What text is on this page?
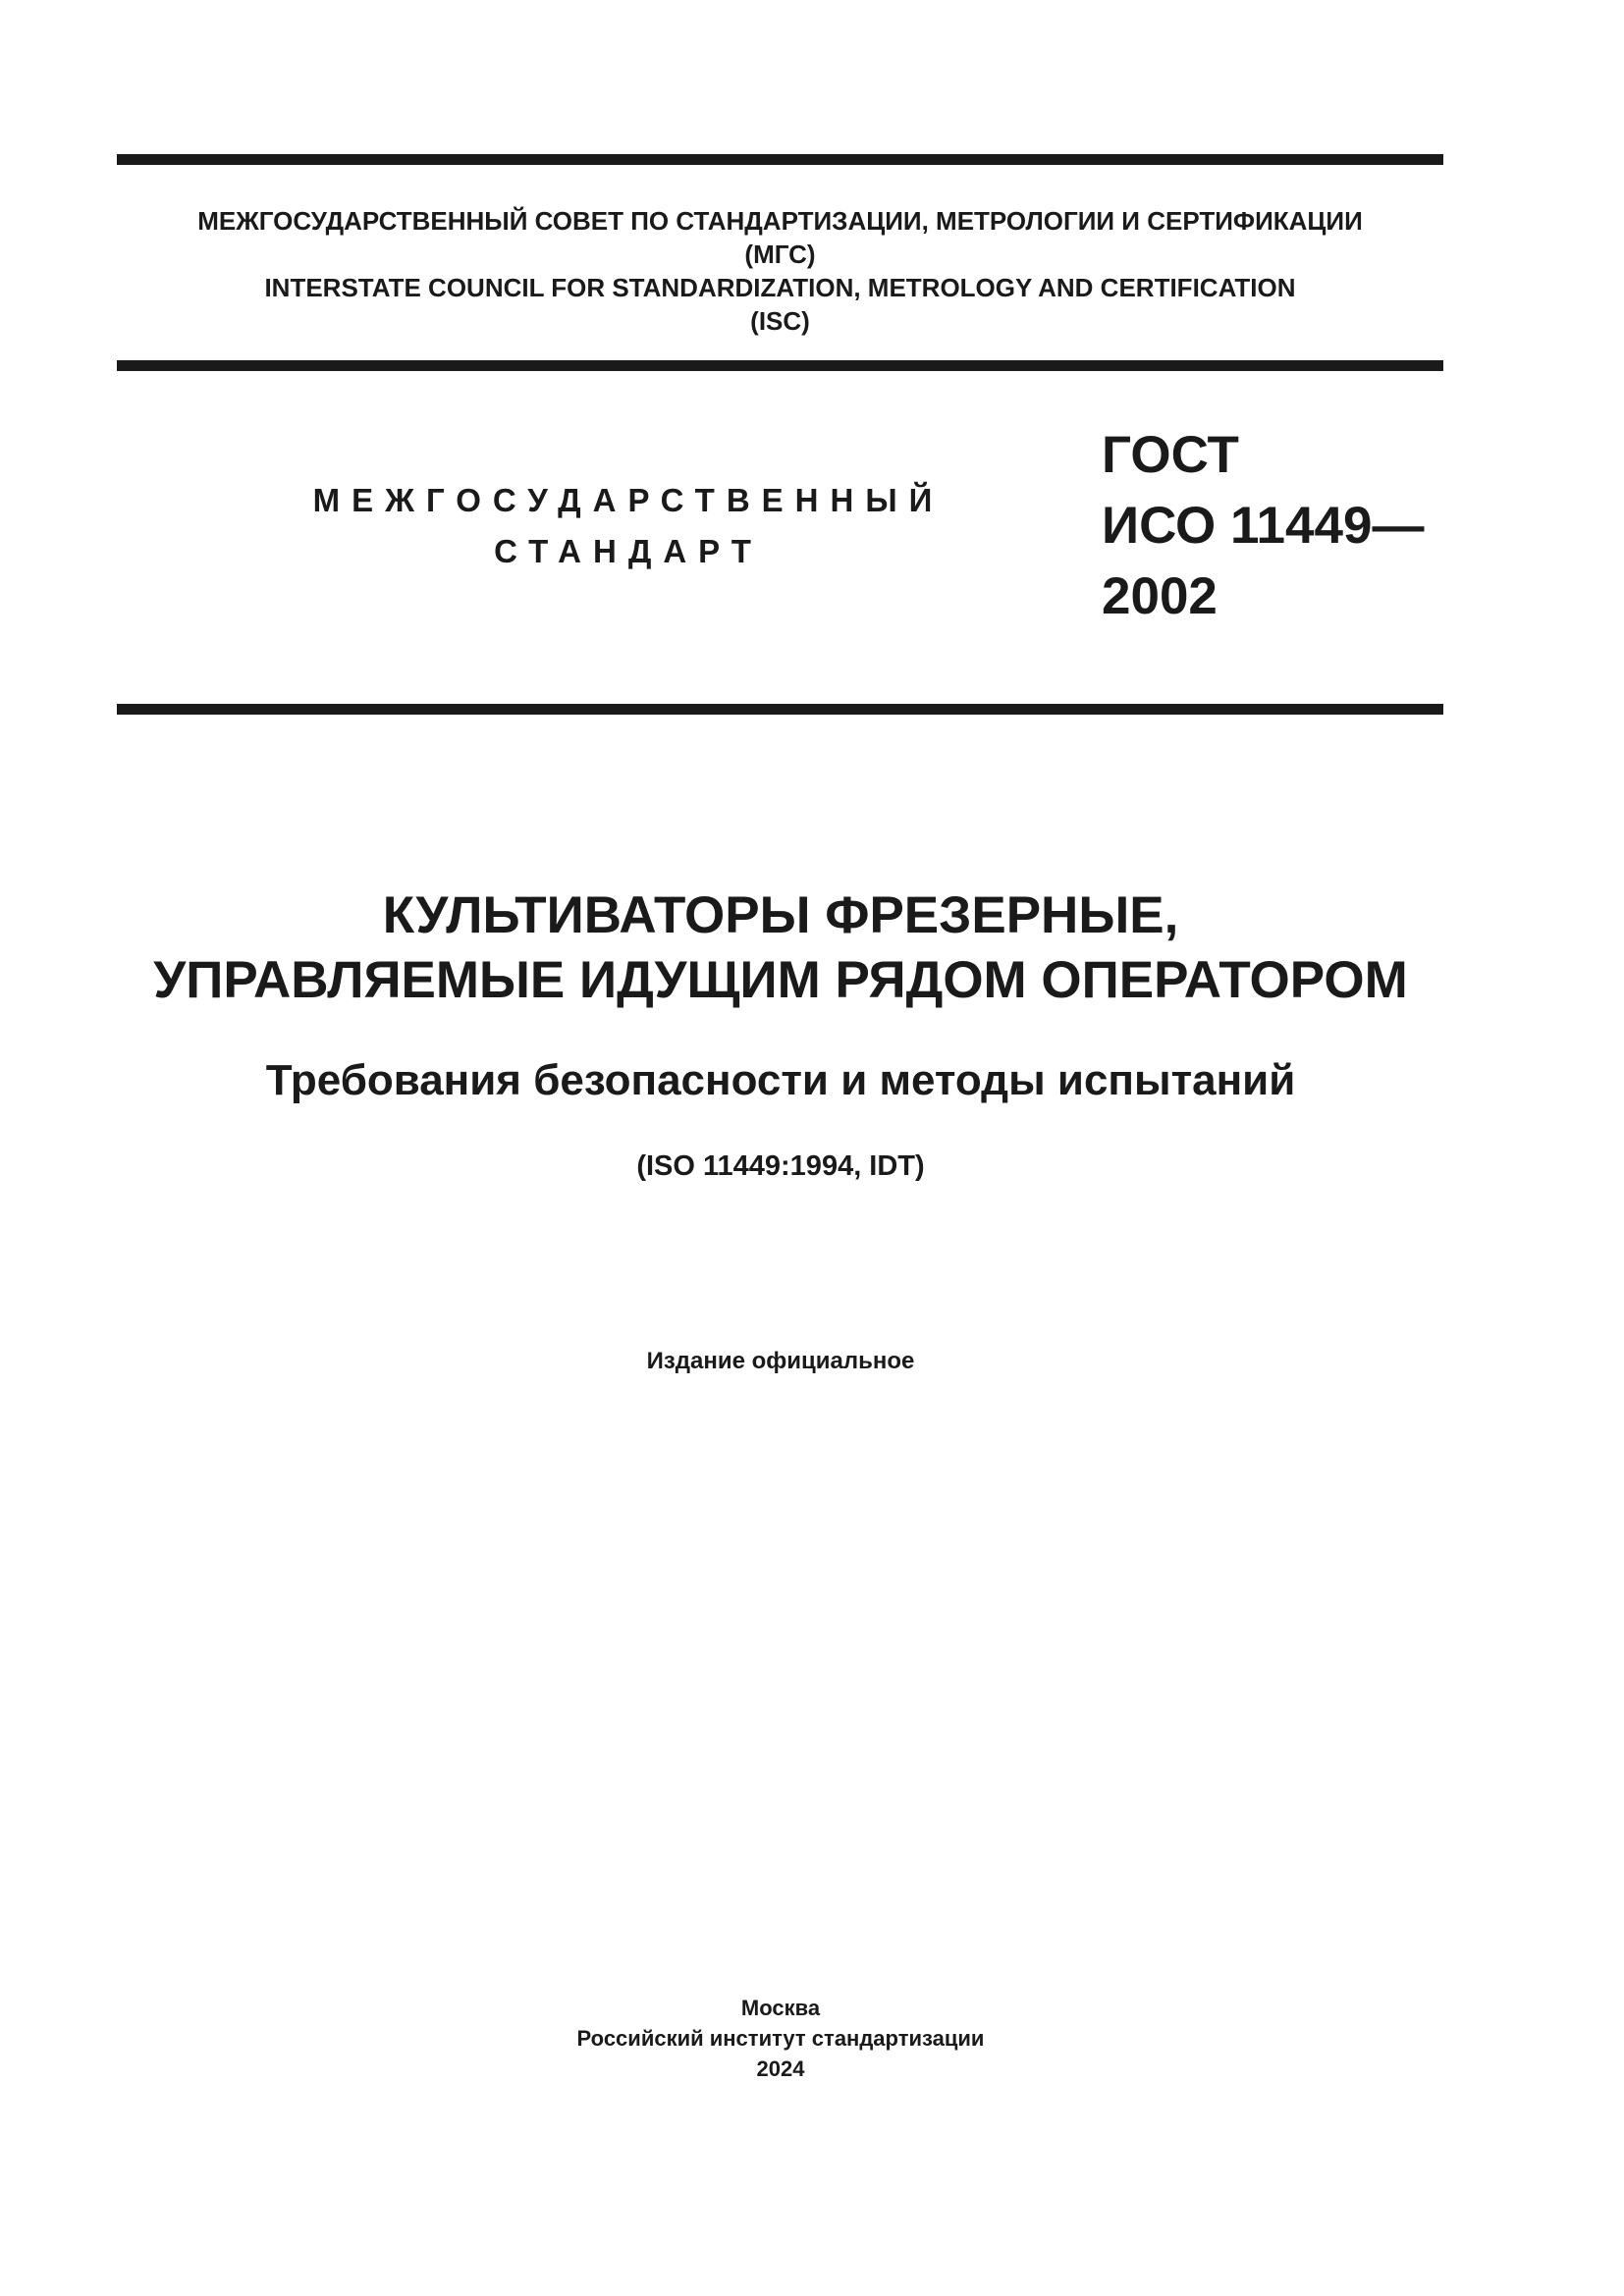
МЕЖГОСУДАРСТВЕННЫЙ СОВЕТ ПО СТАНДАРТИЗАЦИИ, МЕТРОЛОГИИ И СЕРТИФИКАЦИИ
(МГС)
INTERSTATE COUNCIL FOR STANDARDIZATION, METROLOGY AND CERTIFICATION
(ISC)
МЕЖГОСУДАРСТВЕННЫЙ
СТАНДАРТ
ГОСТ
ИСО 11449—
2002
КУЛЬТИВАТОРЫ ФРЕЗЕРНЫЕ,
УПРАВЛЯЕМЫЕ ИДУЩИМ РЯДОМ ОПЕРАТОРОМ
Требования безопасности и методы испытаний
(ISO 11449:1994, IDT)
Издание официальное
Москва
Российский институт стандартизации
2024
